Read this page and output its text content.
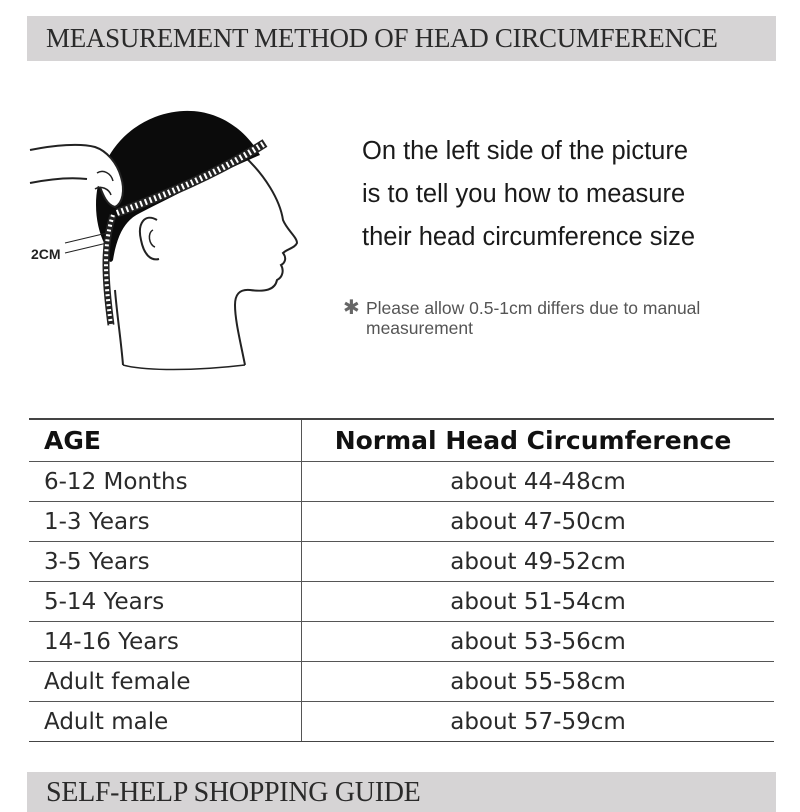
MEASUREMENT METHOD OF HEAD CIRCUMFERENCE
2CM
On the left side of the picture
is to tell you how to measure
their head circumference size
✱ Please allow 0.5-1cm differs due to manual measurement
AGE	Normal Head Circumference
6-12 Months	about 44-48cm
1-3 Years	about 47-50cm
3-5 Years	about 49-52cm
5-14 Years	about 51-54cm
14-16 Years	about 53-56cm
Adult female	about 55-58cm
Adult male	about 57-59cm
SELF-HELP SHOPPING GUIDE
